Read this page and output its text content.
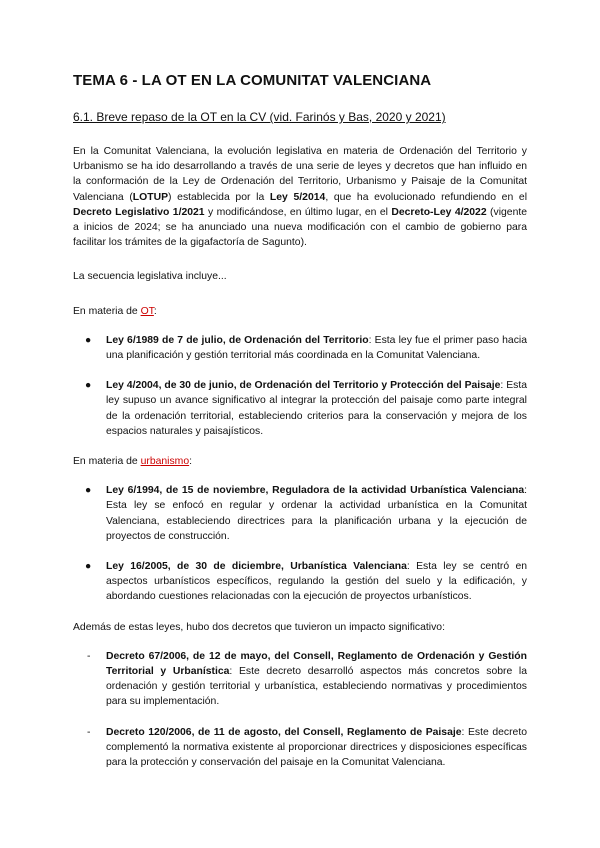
TEMA 6 - LA OT EN LA COMUNITAT VALENCIANA
6.1. Breve repaso de la OT en la CV (vid. Farinós y Bas, 2020 y 2021)

En la Comunitat Valenciana, la evolución legislativa en materia de Ordenación del Territorio y Urbanismo se ha ido desarrollando a través de una serie de leyes y decretos que han influido en la conformación de la Ley de Ordenación del Territorio, Urbanismo y Paisaje de la Comunitat Valenciana (LOTUP) establecida por la Ley 5/2014, que ha evolucionado refundiendo en el Decreto Legislativo 1/2021 y modificándose, en último lugar, en el Decreto-Ley 4/2022 (vigente a inicios de 2024; se ha anunciado una nueva modificación con el cambio de gobierno para facilitar los trámites de la gigafactoría de Sagunto).

La secuencia legislativa incluye...

En materia de OT:

● Ley 6/1989 de 7 de julio, de Ordenación del Territorio: Esta ley fue el primer paso hacia una planificación y gestión territorial más coordinada en la Comunitat Valenciana.
● Ley 4/2004, de 30 de junio, de Ordenación del Territorio y Protección del Paisaje: Esta ley supuso un avance significativo al integrar la protección del paisaje como parte integral de la ordenación territorial, estableciendo criterios para la conservación y mejora de los espacios naturales y paisajísticos.

En materia de urbanismo:

● Ley 6/1994, de 15 de noviembre, Reguladora de la actividad Urbanística Valenciana: Esta ley se enfocó en regular y ordenar la actividad urbanística en la Comunitat Valenciana, estableciendo directrices para la planificación urbana y la ejecución de proyectos de construcción.
● Ley 16/2005, de 30 de diciembre, Urbanística Valenciana: Esta ley se centró en aspectos urbanísticos específicos, regulando la gestión del suelo y la edificación, y abordando cuestiones relacionadas con la ejecución de proyectos urbanísticos.

Además de estas leyes, hubo dos decretos que tuvieron un impacto significativo:

- Decreto 67/2006, de 12 de mayo, del Consell, Reglamento de Ordenación y Gestión Territorial y Urbanística: Este decreto desarrolló aspectos más concretos sobre la ordenación y gestión territorial y urbanística, estableciendo normativas y procedimientos para su implementación.
- Decreto 120/2006, de 11 de agosto, del Consell, Reglamento de Paisaje: Este decreto complementó la normativa existente al proporcionar directrices y disposiciones específicas para la protección y conservación del paisaje en la Comunitat Valenciana.
